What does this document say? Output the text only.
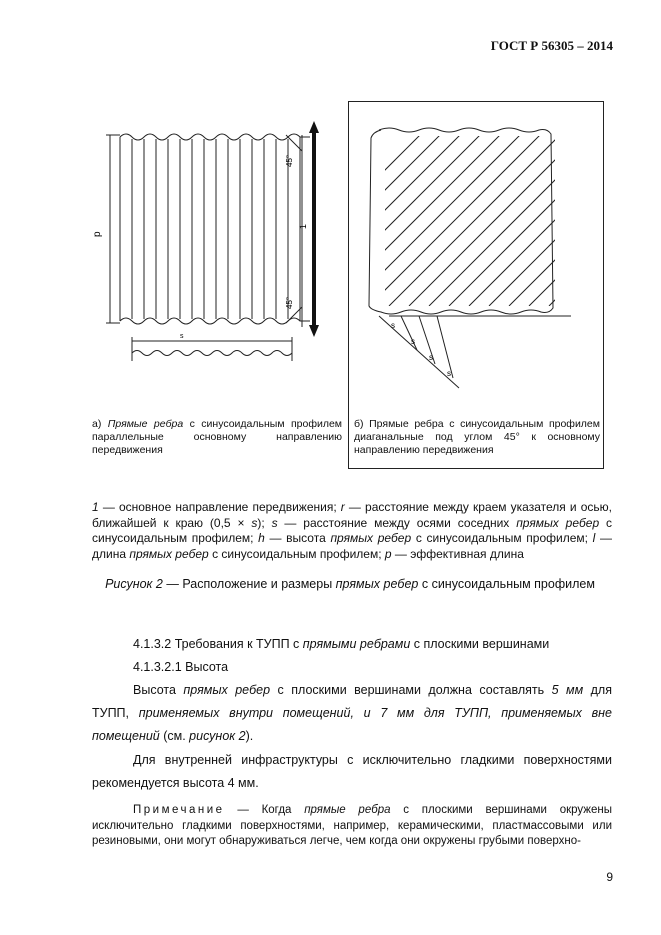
ГОСТ Р 56305 – 2014
p
45°
45°
1
s
s
s
s
s
а) Прямые ребра с синусоидальным профилем параллельные основному направлению передвижения
б) Прямые ребра с синусоидальным профилем диаганальные под углом 45° к основному направлению передвижения
1 — основное направление передвижения; r — расстояние между краем указателя и осью, ближайшей к краю (0,5 × s); s — расстояние между осями соседних прямых ребер с синусоидальным профилем; h — высота прямых ребер с синусоидальным профилем; l — длина прямых ребер с синусоидальным профилем; p — эффективная длина
Рисунок 2 — Расположение и размеры прямых ребер с синусоидальным профилем
4.1.3.2 Требования к ТУПП с прямыми ребрами с плоскими вершинами
4.1.3.2.1 Высота
Высота прямых ребер с плоскими вершинами должна составлять 5 мм для ТУПП, применяемых внутри помещений, и 7 мм для ТУПП, применяемых вне помещений (см. рисунок 2).
Для внутренней инфраструктуры с исключительно гладкими поверхностями рекомендуется высота 4 мм.
Примечание — Когда прямые ребра с плоскими вершинами окружены исключительно гладкими поверхностями, например, керамическими, пластмассовыми или резиновыми, они могут обнаруживаться легче, чем когда они окружены грубыми поверхно-
9
